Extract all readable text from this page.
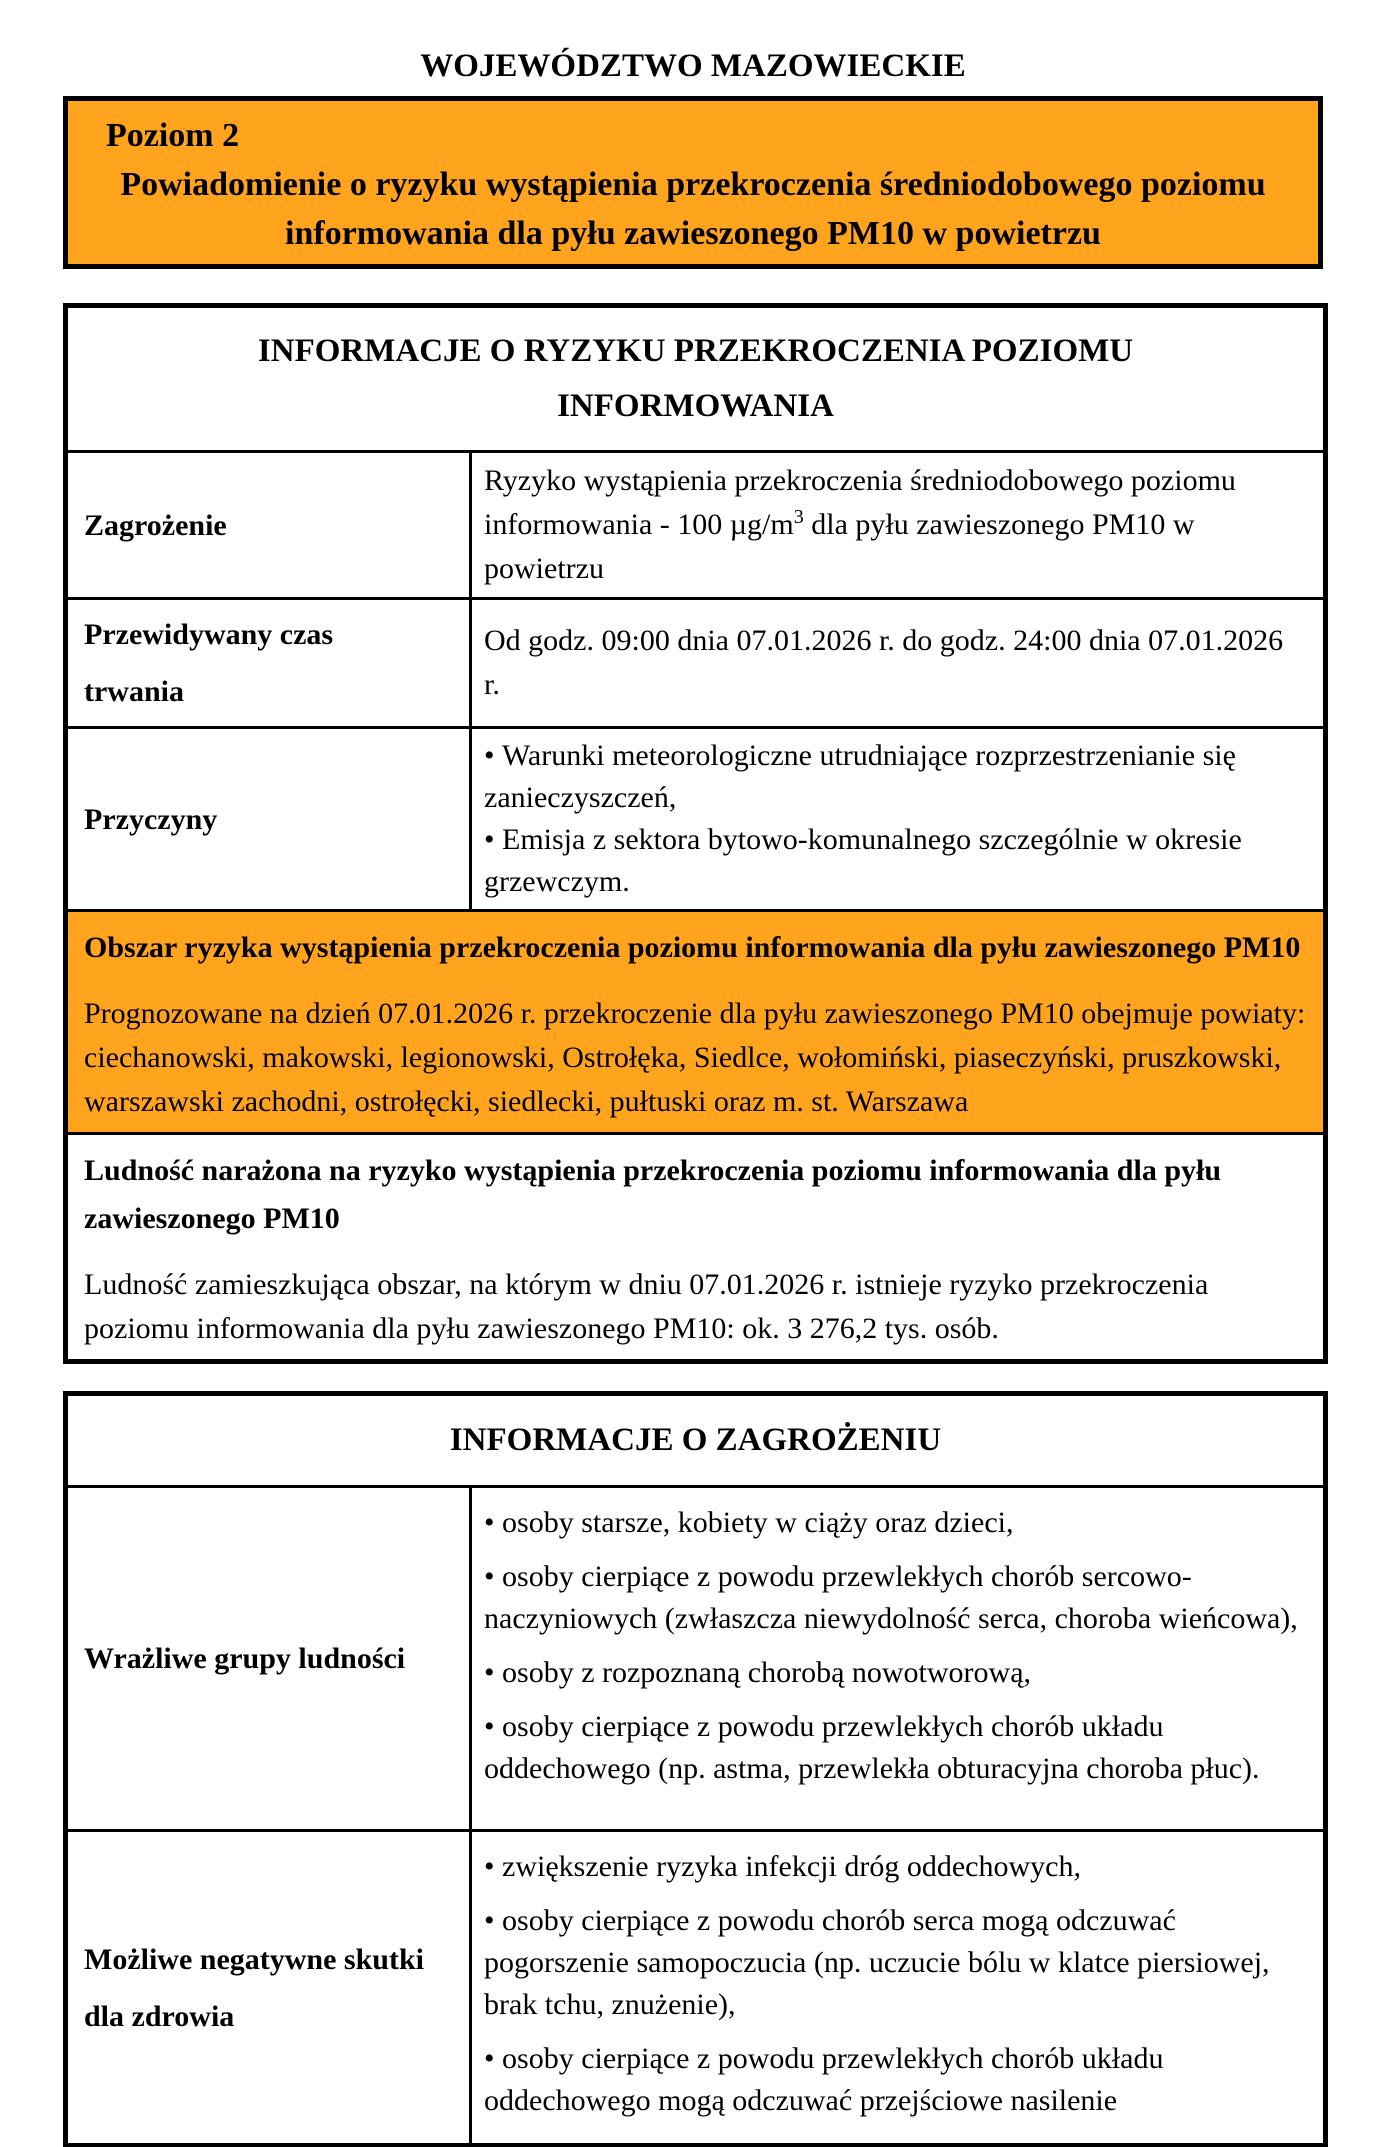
WOJEWÓDZTWO MAZOWIECKIE
Poziom 2
Powiadomienie o ryzyku wystąpienia przekroczenia średniodobowego poziomu informowania dla pyłu zawieszonego PM10 w powietrzu
INFORMACJE O RYZYKU PRZEKROCZENIA POZIOMU INFORMOWANIA	
Zagrożenie	Ryzyko wystąpienia przekroczenia średniodobowego poziomu informowania - 100 $\mu g/m^3$ dla pyłu zawieszonego PM10 w powietrzu

Przewidywany czas
trwania	Od godz. 09:00 dnia 07.01.2026 r. do godz. 24:00 dnia 07.01.2026 r.
Przyczyny	• Warunki meteorologiczne utrudniające rozprzestrzenianie się zanieczyszczeń,
• Emisja z sektora bytowo-komunalnego szczególnie w okresie grzewczym.

Obszar ryzyka wystąpienia przekroczenia poziomu informowania dla pyłu zawieszonego PM10
Prognozowane na dzień 07.01.2026 r. przekroczenie dla pyłu zawieszonego PM10 obejmuje powiaty: ciechanowski, makowski, legionowski, Ostrołęka, Siedlce, wołomiński, piaseczyński, pruszkowski, warszawski zachodni, ostrołęcki, siedlecki, pułtuski oraz m. st. Warszawa	

Ludność narażona na ryzyko wystąpienia przekroczenia poziomu informowania dla pyłu zawieszonego PM10
Ludność zamieszkująca obszar, na którym w dniu 07.01.2026 r. istnieje ryzyko przekroczenia poziomu informowania dla pyłu zawieszonego PM10: ok. 3 276,2 tys. osób.	
INFORMACJE O ZAGROŻENIU	
Wrażliwe grupy ludności	• osoby starsze, kobiety w ciąży oraz dzieci,
• osoby cierpiące z powodu przewlekłych chorób sercowo-naczyniowych (zwłaszcza niewydolność serca, choroba wieńcowa),
• osoby z rozpoznaną chorobą nowotworową,
• osoby cierpiące z powodu przewlekłych chorób układu oddechowego (np. astma, przewlekła obturacyjna choroba płuc).

Możliwe negatywne skutki
dla zdrowia

• zwiększenie ryzyka infekcji dróg oddechowych,
• osoby cierpiące z powodu chorób serca mogą odczuwać pogorszenie samopoczucia (np. uczucie bólu w klatce piersiowej, brak tchu, znużenie),
• osoby cierpiące z powodu przewlekłych chorób układu oddechowego mogą odczuwać przejściowe nasilenie
